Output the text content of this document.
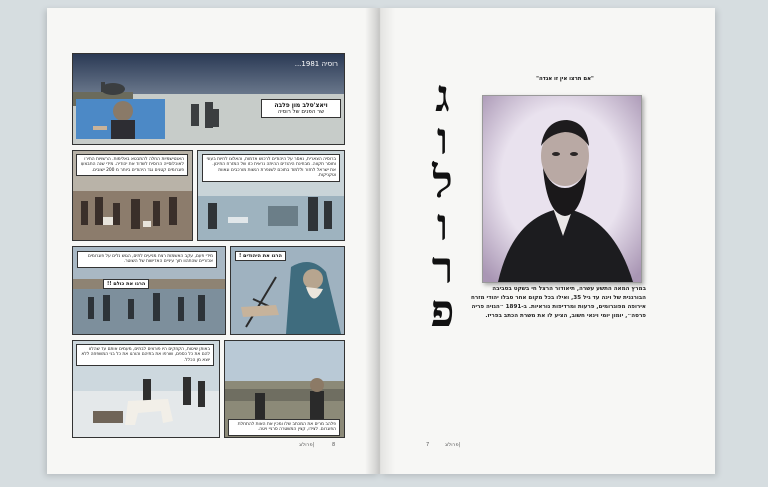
רוסיה 1981...
ויאצ'סלב מון פלבה
שר הפנים של רוסיה
האנטישמיות החלה להתבטא באלימות. הרשויות התירו לאוכלוסייה הרוסית לשדוד את יהודיה. מידי שנה התבצעו פוגרומים קטנים נגד היהודים ביותר מ 200 ישובים.
ברוסיה הצארית, נאסר על היהודים לרכוש אדמות, והאלצו לחיות בעוני וחוסר תקווה. מבחינת היהודים ההיתה נראית כזו של המזרח התיכון. את ישראל לחזור וללמוד בתוכם לשנפרת רגשות מורכבים וגאוות וטקניקות.
מידי פעם, עקב האשמות רצח מניעים לתים, הגוש נלים על פוגרומים אכזריים שהתהוו תוך עיניים האדישות של השוטר.
הרגו את כולם !!
הרגו את היהודים !
באותן שיטות, הקוזקים היו פורצים לבתים, מעמים אותם עד שהלוו להם את כל כספם, שורפו את בתיהם והורגו את כל בני המשפחה ללא יוצא מן הכלל.
פלהב מרים את המכתב שלו ומכין את האות להתחלת הפוגרום. לצידו, קצין המשטרה סרגיי ויטה.
8
|פרולוג
"אם תרצו אין זו אגדה"
פרולוג	במרץ המאה התשע עשרה, תיאודור הרצל חי בשקט בסביבה הבורגנית של וינה עד גיל 35, ואילו בכל מקום אחר סבלו יהודי מזרח אירופה מפוגרומים, פרעות ומרדיפות נוראיות. ב-1891 ״הגויה פריה פרסה״, יומון יומי וינאי חשוב, הציע לו את משרת הכתב בפריז.
7	|פרולוג
